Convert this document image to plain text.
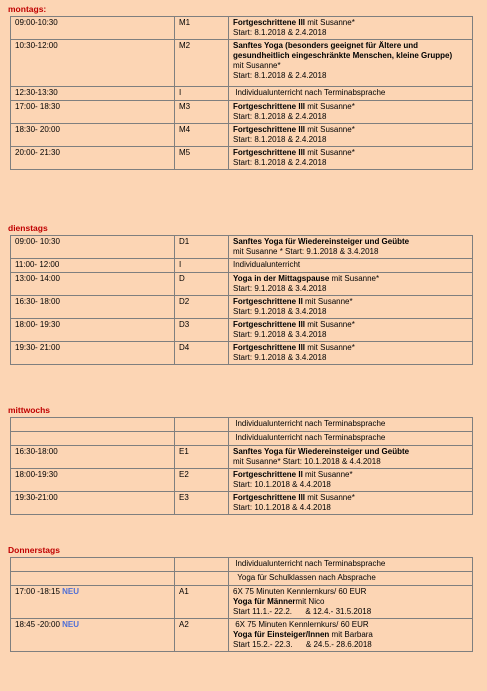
montags:
09:00-10:30	M1	Fortgeschrittene III mit Susanne*
Start: 8.1.2018 & 2.4.2018

10:30-12:00	M2	Sanftes Yoga (besonders geeignet für Ältere und
gesundheitlich eingeschränkte Menschen, kleine Gruppe)
mit Susanne*
Start: 8.1.2018 & 2.4.2018

12:30-13:30	I	Individualunterricht nach Terminabsprache

17:00- 18:30	M3	Fortgeschrittene III mit Susanne*
Start: 8.1.2018 & 2.4.2018

18:30- 20:00	M4	Fortgeschrittene III mit Susanne*
Start: 8.1.2018 & 2.4.2018

20:00- 21:30	M5	Fortgeschrittene III mit Susanne*
Start: 8.1.2018 & 2.4.2018
dienstags
09:00- 10:30	D1	Sanftes Yoga für Wiedereinsteiger und Geübte
mit Susanne * Start: 9.1.2018 & 3.4.2018

11:00- 12:00	I	Individualunterricht

13:00- 14:00	D	Yoga in der Mittagspause mit Susanne*
Start: 9.1.2018 & 3.4.2018

16:30- 18:00	D2	Fortgeschrittene II mit Susanne*
Start: 9.1.2018 & 3.4.2018

18:00- 19:30	D3	Fortgeschrittene III mit Susanne*
Start: 9.1.2018 & 3.4.2018

19:30- 21:00	D4	Fortgeschrittene III mit Susanne*
Start: 9.1.2018 & 3.4.2018
mittwochs

		Individualunterricht nach Terminabsprache

		Individualunterricht nach Terminabsprache

16:30-18:00	E1	Sanftes Yoga für Wiedereinsteiger und Geübte
mit Susanne* Start: 10.1.2018 & 4.4.2018

18:00-19:30	E2	Fortgeschrittene II mit Susanne*
Start: 10.1.2018 & 4.4.2018

19:30-21:00	E3	Fortgeschrittene III mit Susanne*
Start: 10.1.2018 & 4.4.2018
Donnerstags

		Individualunterricht nach Terminabsprache

		Yoga für Schulklassen nach Absprache

17:00 -18:15 NEU	A1	6X 75 Minuten Kennlernkurs/ 60 EUR
Yoga für Männermit Nico
Start 11.1.- 22.2.      & 12.4.- 31.5.2018

18:45 -20:00 NEU	A2	6X 75 Minuten Kennlernkurs/ 60 EUR
Yoga für Einsteiger/Innen mit Barbara
Start 15.2.- 22.3.      & 24.5.- 28.6.2018
